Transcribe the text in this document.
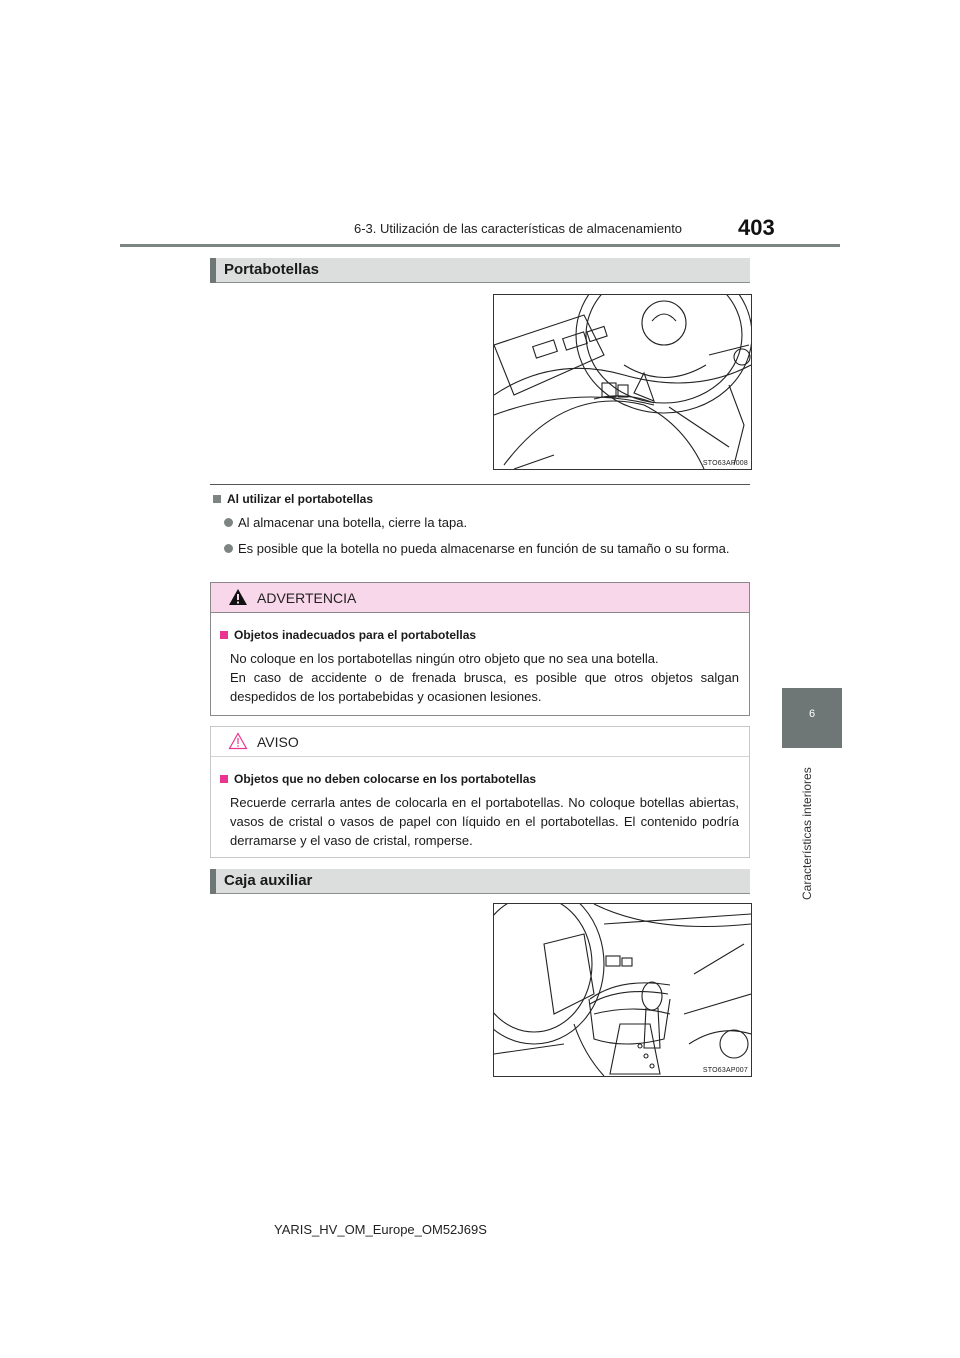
6-3. Utilización de las características de almacenamiento	403
6
Características interiores
Portabotellas
STO63AP008
Al utilizar el portabotellas
Al almacenar una botella, cierre la tapa.
Es posible que la botella no pueda almacenarse en función de su tamaño o su forma.
ADVERTENCIA
Objetos inadecuados para el portabotellas
No coloque en los portabotellas ningún otro objeto que no sea una botella.
En caso de accidente o de frenada brusca, es posible que otros objetos salgan despedidos de los portabebidas y ocasionen lesiones.
AVISO
Objetos que no deben colocarse en los portabotellas
Recuerde cerrarla antes de colocarla en el portabotellas. No coloque botellas abiertas, vasos de cristal o vasos de papel con líquido en el portabotellas. El contenido podría derramarse y el vaso de cristal, romperse.
Caja auxiliar
STO63AP007
YARIS_HV_OM_Europe_OM52J69S
